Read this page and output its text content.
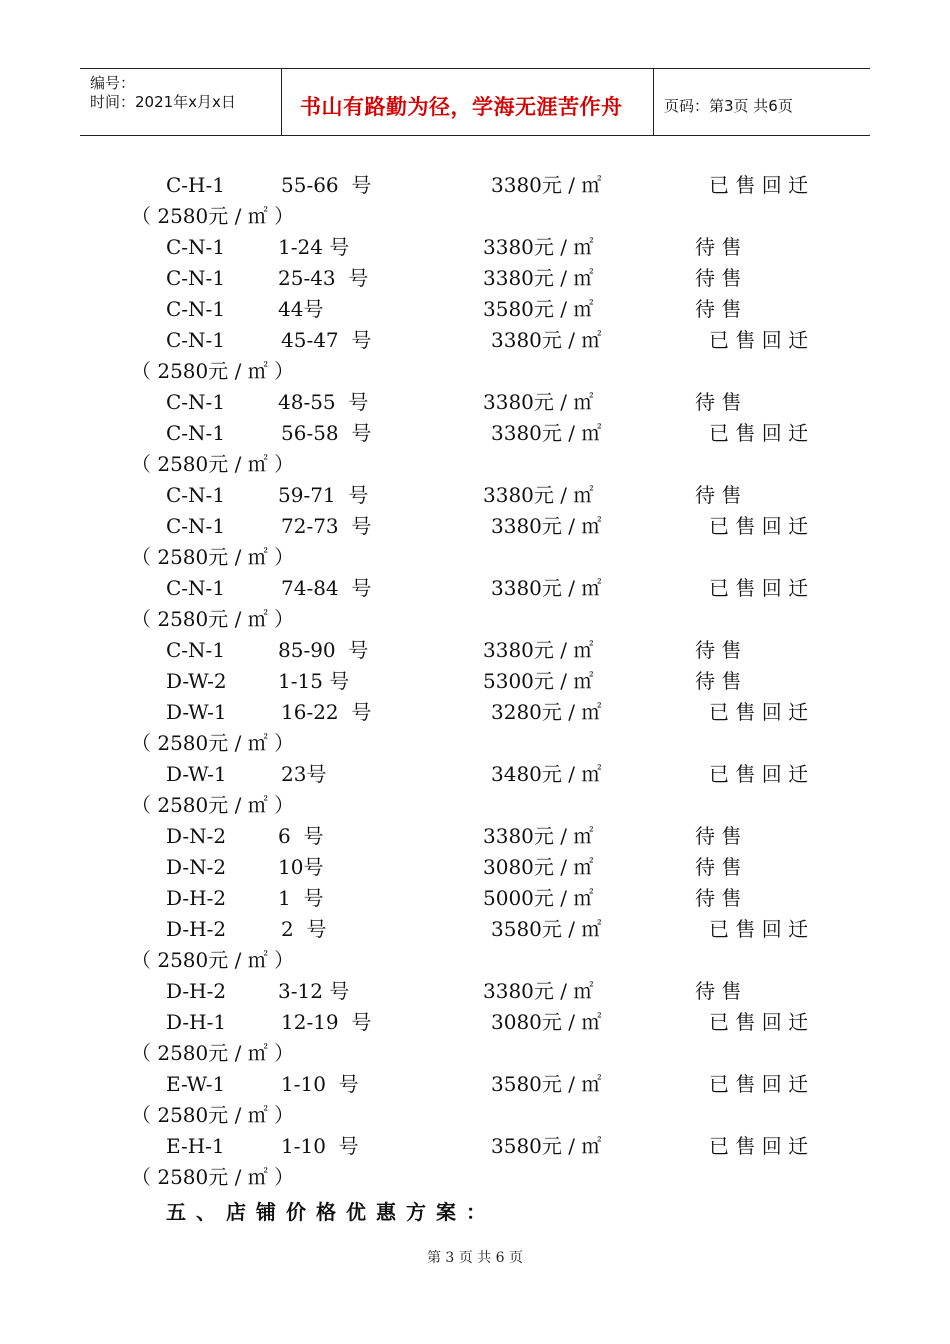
编号：
时间：2021年x月x日	书山有路勤为径，学海无涯苦作舟	页码：第3页 共6页
C-H-1	55-66  号	3380元 / ㎡	已 售 回 迁
（ 2580元 / ㎡ ）
C-N-1	1-24 号	3380元 / ㎡	待 售
C-N-1	25-43  号	3380元 / ㎡	待 售
C-N-1	44号	3580元 / ㎡	待 售
C-N-1	45-47  号	3380元 / ㎡	已 售 回 迁
（ 2580元 / ㎡ ）
C-N-1	48-55  号	3380元 / ㎡	待 售
C-N-1	56-58  号	3380元 / ㎡	已 售 回 迁
（ 2580元 / ㎡ ）
C-N-1	59-71  号	3380元 / ㎡	待 售
C-N-1	72-73  号	3380元 / ㎡	已 售 回 迁
（ 2580元 / ㎡ ）
C-N-1	74-84  号	3380元 / ㎡	已 售 回 迁
（ 2580元 / ㎡ ）
C-N-1	85-90  号	3380元 / ㎡	待 售
D-W-2	1-15 号	5300元 / ㎡	待 售
D-W-1	16-22  号	3280元 / ㎡	已 售 回 迁
（ 2580元 / ㎡ ）
D-W-1	23号	3480元 / ㎡	已 售 回 迁
（ 2580元 / ㎡ ）
D-N-2	6  号	3380元 / ㎡	待 售
D-N-2	10号	3080元 / ㎡	待 售
D-H-2	1  号	5000元 / ㎡	待 售
D-H-2	2  号	3580元 / ㎡	已 售 回 迁
（ 2580元 / ㎡ ）
D-H-2	3-12 号	3380元 / ㎡	待 售
D-H-1	12-19  号	3080元 / ㎡	已 售 回 迁
（ 2580元 / ㎡ ）
E-W-1	1-10  号	3580元 / ㎡	已 售 回 迁
（ 2580元 / ㎡ ）
E-H-1	1-10  号	3580元 / ㎡	已 售 回 迁
（ 2580元 / ㎡ ）
五、店铺价格优惠方案：
第 3 页 共 6 页
